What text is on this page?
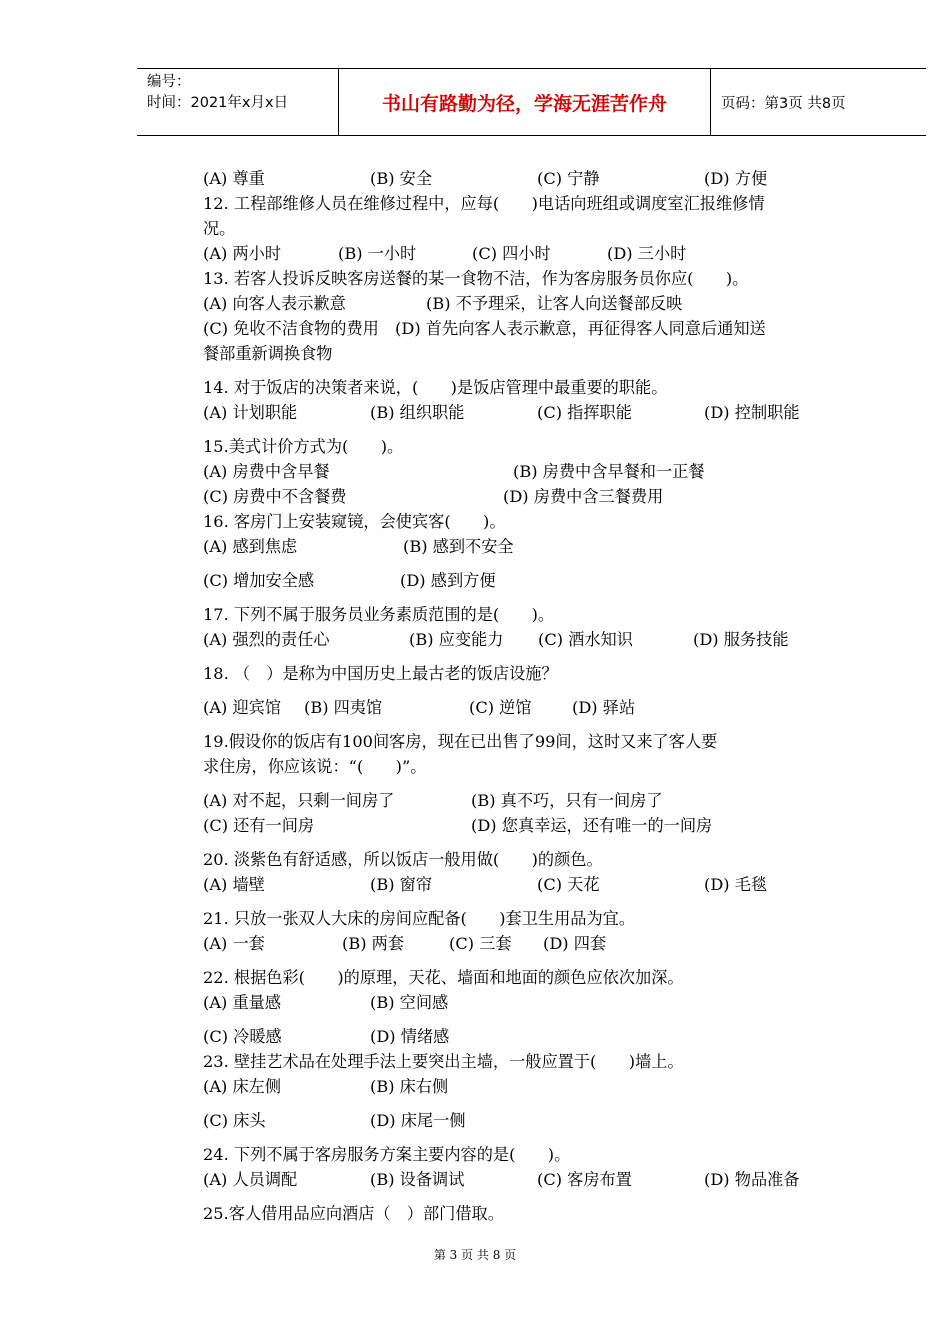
编号：
时间：2021年x月x日	书山有路勤为径，学海无涯苦作舟	页码：第3页 共8页
(A) 尊重	(B) 安全	(C) 宁静	(D) 方便
12. 工程部维修人员在维修过程中，应每(　　)电话向班组或调度室汇报维修情
况。
(A) 两小时	(B) 一小时	(C) 四小时	(D) 三小时
13. 若客人投诉反映客房送餐的某一食物不洁，作为客房服务员你应(　　)。
(A) 向客人表示歉意	(B) 不予理采，让客人向送餐部反映
(C) 免收不洁食物的费用　(D) 首先向客人表示歉意，再征得客人同意后通知送
餐部重新调换食物
14. 对于饭店的决策者来说，(　　)是饭店管理中最重要的职能。
(A) 计划职能	(B) 组织职能	(C) 指挥职能	(D) 控制职能
15.美式计价方式为(　　)。
(A) 房费中含早餐	(B) 房费中含早餐和一正餐
(C) 房费中不含餐费	(D) 房费中含三餐费用
16. 客房门上安装窥镜，会使宾客(　　)。
(A) 感到焦虑	(B) 感到不安全
(C) 增加安全感	(D) 感到方便
17. 下列不属于服务员业务素质范围的是(　　)。
(A) 强烈的责任心	(B) 应变能力	(C) 酒水知识	(D) 服务技能
18. （　）是称为中国历史上最古老的饭店设施？
(A) 迎宾馆	(B) 四夷馆	(C) 逆馆	(D) 驿站
19.假设你的饭店有100间客房，现在已出售了99间，这时又来了客人要
求住房，你应该说：“(　　)”。
(A) 对不起，只剩一间房了	(B) 真不巧，只有一间房了
(C) 还有一间房	(D) 您真幸运，还有唯一的一间房
20. 淡紫色有舒适感，所以饭店一般用做(　　)的颜色。
(A) 墙壁	(B) 窗帘	(C) 天花	(D) 毛毯
21. 只放一张双人大床的房间应配备(　　)套卫生用品为宜。
(A) 一套	(B) 两套	(C) 三套	(D) 四套
22. 根据色彩(　　)的原理，天花、墙面和地面的颜色应依次加深。
(A) 重量感	(B) 空间感
(C) 冷暖感	(D) 情绪感
23. 壁挂艺术品在处理手法上要突出主墙，一般应置于(　　)墙上。
(A) 床左侧	(B) 床右侧
(C) 床头	(D) 床尾一侧
24. 下列不属于客房服务方案主要内容的是(　　)。
(A) 人员调配	(B) 设备调试	(C) 客房布置	(D) 物品准备
25.客人借用品应向酒店（　）部门借取。
第 3 页 共 8 页
